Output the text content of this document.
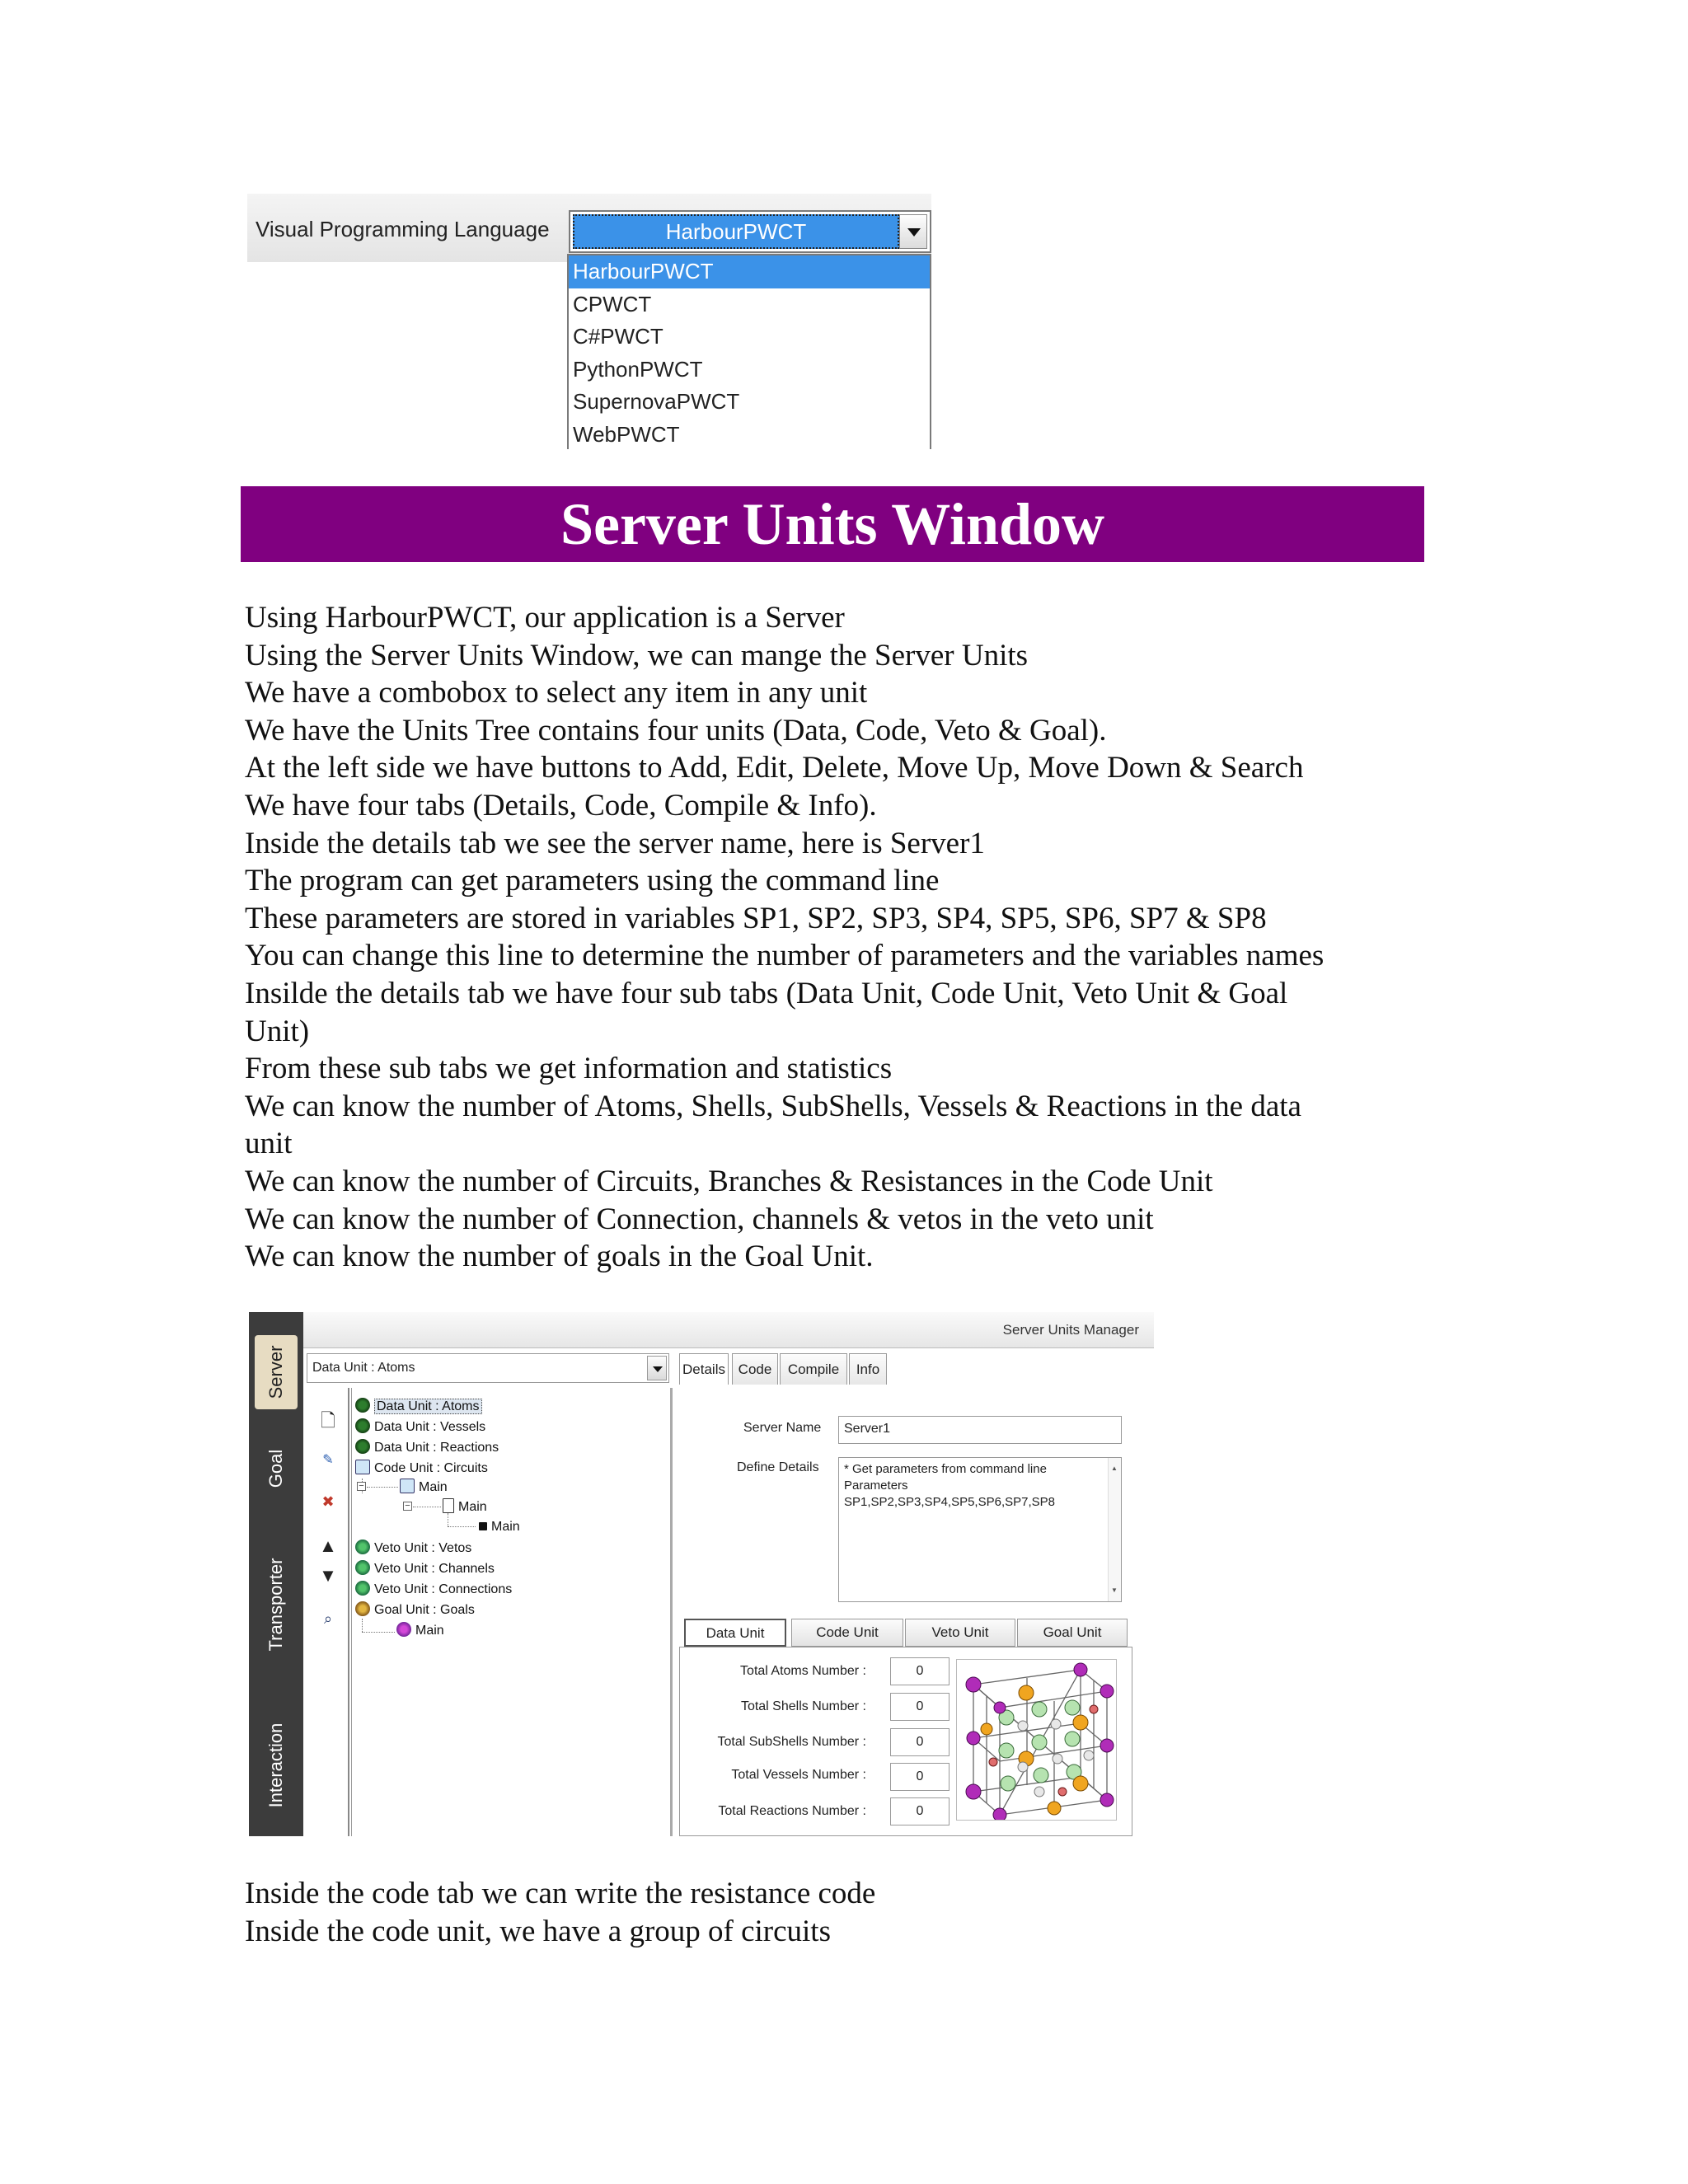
Visual Programming Language	HarbourPWCT
HarbourPWCT
CPWCT
C#PWCT
PythonPWCT
SupernovaPWCT
WebPWCT
Server Units Window
Using HarbourPWCT, our application is a Server
Using the Server Units Window, we can mange the Server Units
We have a combobox to select any item in any unit
We have the Units Tree contains four units (Data, Code, Veto & Goal).
At the left side we have buttons to Add, Edit, Delete, Move Up, Move Down & Search
We have four tabs (Details, Code, Compile & Info).
Inside the details tab we see the server name, here is Server1
The program can get parameters using the command line
These parameters are stored in variables SP1, SP2, SP3, SP4, SP5, SP6, SP7 & SP8
You can change this line to determine the number of parameters and the variables names
Insilde the details tab we have four sub tabs (Data Unit, Code Unit, Veto Unit & Goal
Unit)
From these sub tabs we get information and statistics
We can know the number of Atoms, Shells, SubShells, Vessels & Reactions in the data
unit
We can know the number of Circuits, Branches & Resistances in the Code Unit
We can know the number of Connection, channels & vetos in the veto unit
We can know the number of goals in the Goal Unit.
Server
Goal
Transporter
Interaction
Server Units Manager
Data Unit : Atoms
🗋
✎
✖
▲
▼
⌕
Data Unit : Atoms
Data Unit : Vessels
Data Unit : Reactions
Code Unit : Circuits
−	Main
−	Main
Main
Veto Unit : Vetos
Veto Unit : Channels
Veto Unit : Connections
Goal Unit : Goals
Main
Details Code	Compile	Info
Server Name	Server1
Define Details * Get parameters from command line
Parameters
SP1,SP2,SP3,SP4,SP5,SP6,SP7,SP8
▲ ▼
Data Unit	Code Unit	Veto Unit	Goal Unit
Total Atoms Number :	0
Total Shells Number :	0
Total SubShells Number :	0
Total Vessels Number :	0
Total Reactions Number :	0
Inside the code tab we can write the resistance code
Inside the code unit, we have a group of circuits
